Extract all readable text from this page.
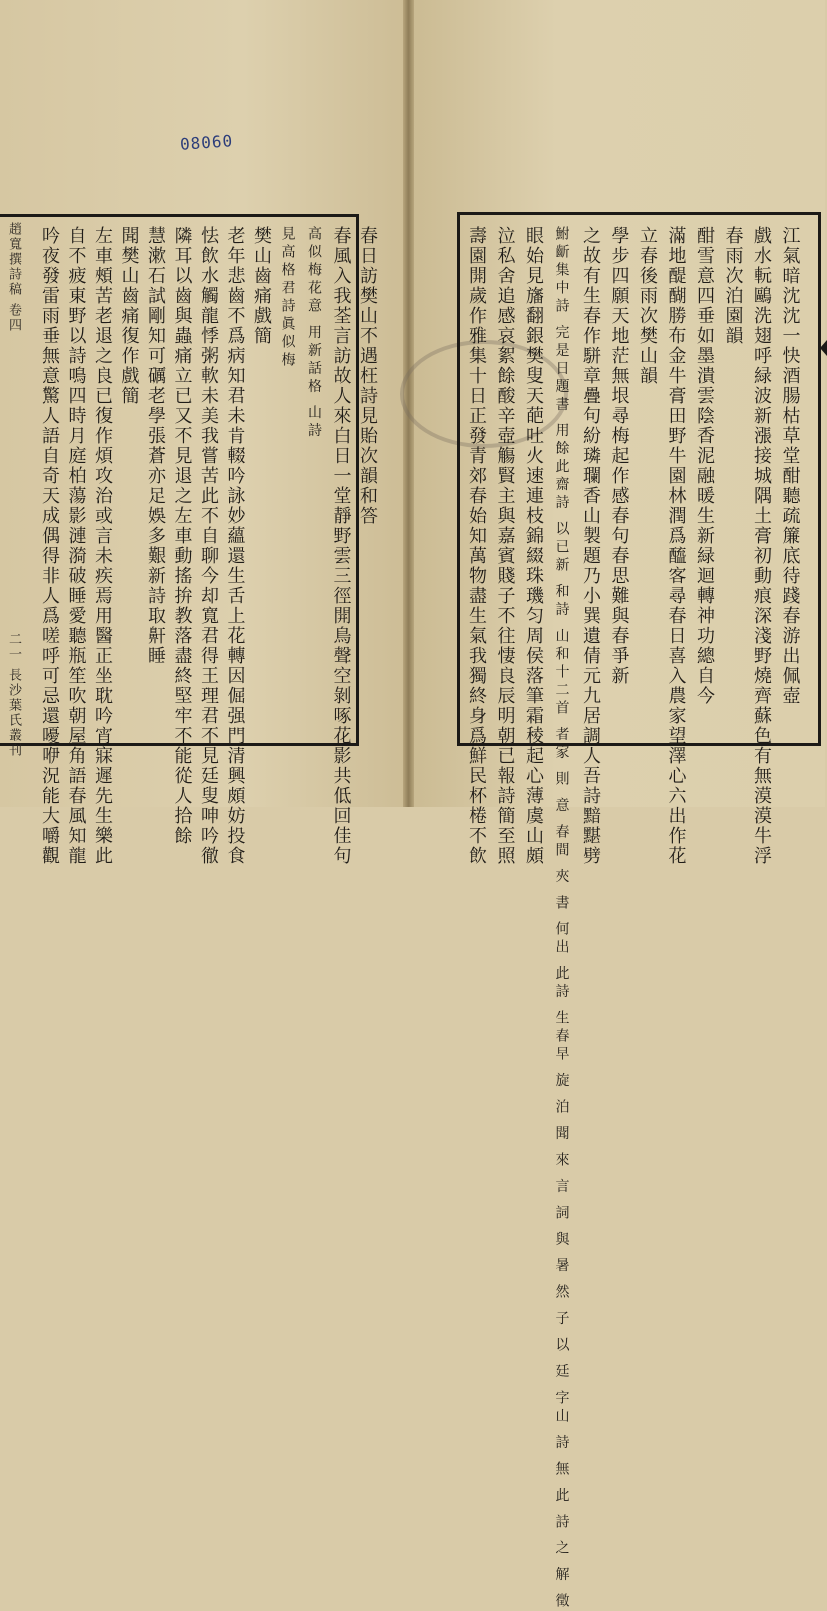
08060
趙寬撰詩稿 卷四
二一 長沙葉氏叢刊 吟夜發雷雨垂無意驚人語自奇天成偶得非人爲嗟呼可忌還嚘咿況能大嚼觀 自不疲東野以詩鳴四時月庭柏蕩影漣漪破睡愛聽瓶笙吹朝屋角語春風知龍 左車頰苦老退之良已復作煩攻治或言未疾焉用醫正坐耽吟宵寐遲先生樂此 聞樊山齒痛復作戲簡 慧漱石試剛知可礪老學張蒼亦足娛多艱新詩取鼾睡 隣耳以齒與蟲痛立已又不見退之左車動搖拚教落盡終堅牢不能從人拾餘 怯飲水觸龍悸粥軟未美我嘗苦此不自聊今却寬君得王理君不見廷叟呻吟徹 老年悲齒不爲病知君未肯輟吟詠妙蘊還生舌上花轉因倔强門清興頗妨投食 樊山齒痛戲簡 見高格君詩眞似梅 高似梅花意 用新話格 山詩 春風入我荃言訪故人來白日一堂靜野雲三徑開鳥聲空剝啄花影共低回佳句 春日訪樊山不遇枉詩見貽次韻和答	壽園開歲作雅集十日正發青郊春始知萬物盡生氣我獨終身爲鮮民杯棬不飲 泣私舍追感哀絮餘酸辛壺觴賢主與嘉賓賤子不往悽良辰明朝已報詩簡至照 眼始見旛翻銀樊叟天葩吐火速連枝錦綴珠璣匀周侯落筆霜稜起心薄虞山頗 鮒齗集中詩 完是日題書 用餘此齋詩 以已新 和詩 山和十二首 者家 則 意 春間 夾 書 何出 此詩 生春早 旋 泊 聞 來 言 詞 與 暑 然 子 以 廷 字山 詩 無 此 詩 之 解 徵 之故有生春作駢章疊句紛璘瓓香山製題乃小巽遺倩元九居調人吾詩黯黮劈 學步四願天地茫無垠尋梅起作感春句春思難與春爭新 立春後雨次樊山韻 滿地醍醐勝布金牛膏田野牛園林潤爲醯客尋春日喜入農家望澤心六出作花 酣雪意四垂如墨潰雲陰香泥融暖生新緑迴轉神功總自今 春雨次泊園韻 戲水䡇鷗洗翅呼緑波新漲接城隅土膏初動痕深淺野燒齊蘇色有無漠漠牛浮 江氣暗沈沈一快酒腸枯草堂酣聽疏簾底待踐春游出佩壺
